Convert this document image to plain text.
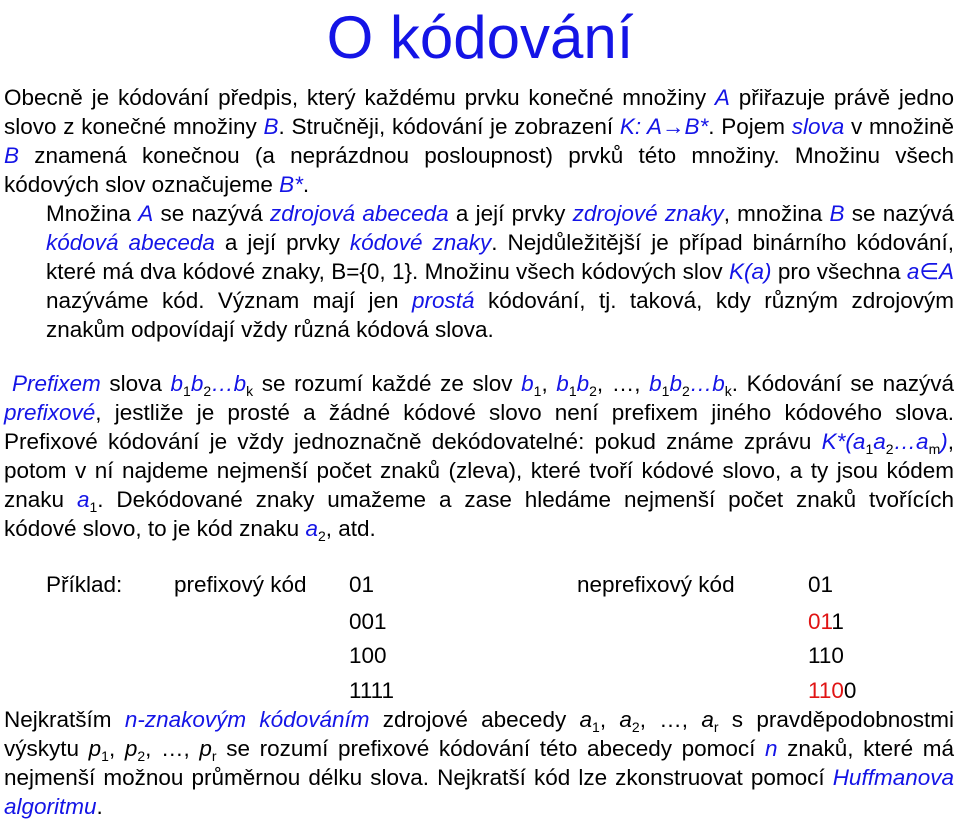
O kódování
Obecně je kódování předpis, který každému prvku konečné množiny A přiřazuje právě jedno slovo z konečné množiny B. Stručněji, kódování je zobrazení K: A→B*. Pojem slova v množině B znamená konečnou (a neprázdnou posloupnost) prvků této množiny. Množinu všech kódových slov označujeme B*.
Množina A se nazývá zdrojová abeceda a její prvky zdrojové znaky, množina B se nazývá kódová abeceda a její prvky kódové znaky. Nejdůležitější je případ binárního kódování, které má dva kódové znaky, B={0, 1}. Množinu všech kódových slov K(a) pro všechna a∈A nazýváme kód. Význam mají jen prostá kódování, tj. taková, kdy různým zdrojovým znakům odpovídají vždy různá kódová slova.
Prefixem slova $b_1b_2\dots b_k$ se rozumí každé ze slov $b_1$, $b_1b_2$, …, $b_1b_2\dots b_k$. Kódování se nazývá prefixové, jestliže je prosté a žádné kódové slovo není prefixem jiného kódového slova. Prefixové kódování je vždy jednoznačně dekódovatelné: pokud známe zprávu $K*(a_1a_2\dots a_m)$, potom v ní najdeme nejmenší počet znaků (zleva), které tvoří kódové slovo, a ty jsou kódem znaku $a_1$. Dekódované znaky umažeme a zase hledáme nejmenší počet znaků tvořících kódové slovo, to je kód znaku $a_2$, atd.
Příklad: prefixový kód 01
001
100
1111
neprefixový kód	01
011
110
1100
Nejkratším n-znakovým kódováním zdrojové abecedy $a_1$, $a_2$, …, $a_r$ s pravděpodobnostmi výskytu $p_1$, $p_2$, …, $p_r$ se rozumí prefixové kódování této abecedy pomocí n znaků, které má nejmenší možnou průměrnou délku slova. Nejkratší kód lze zkonstruovat pomocí Huffmanova algoritmu.
